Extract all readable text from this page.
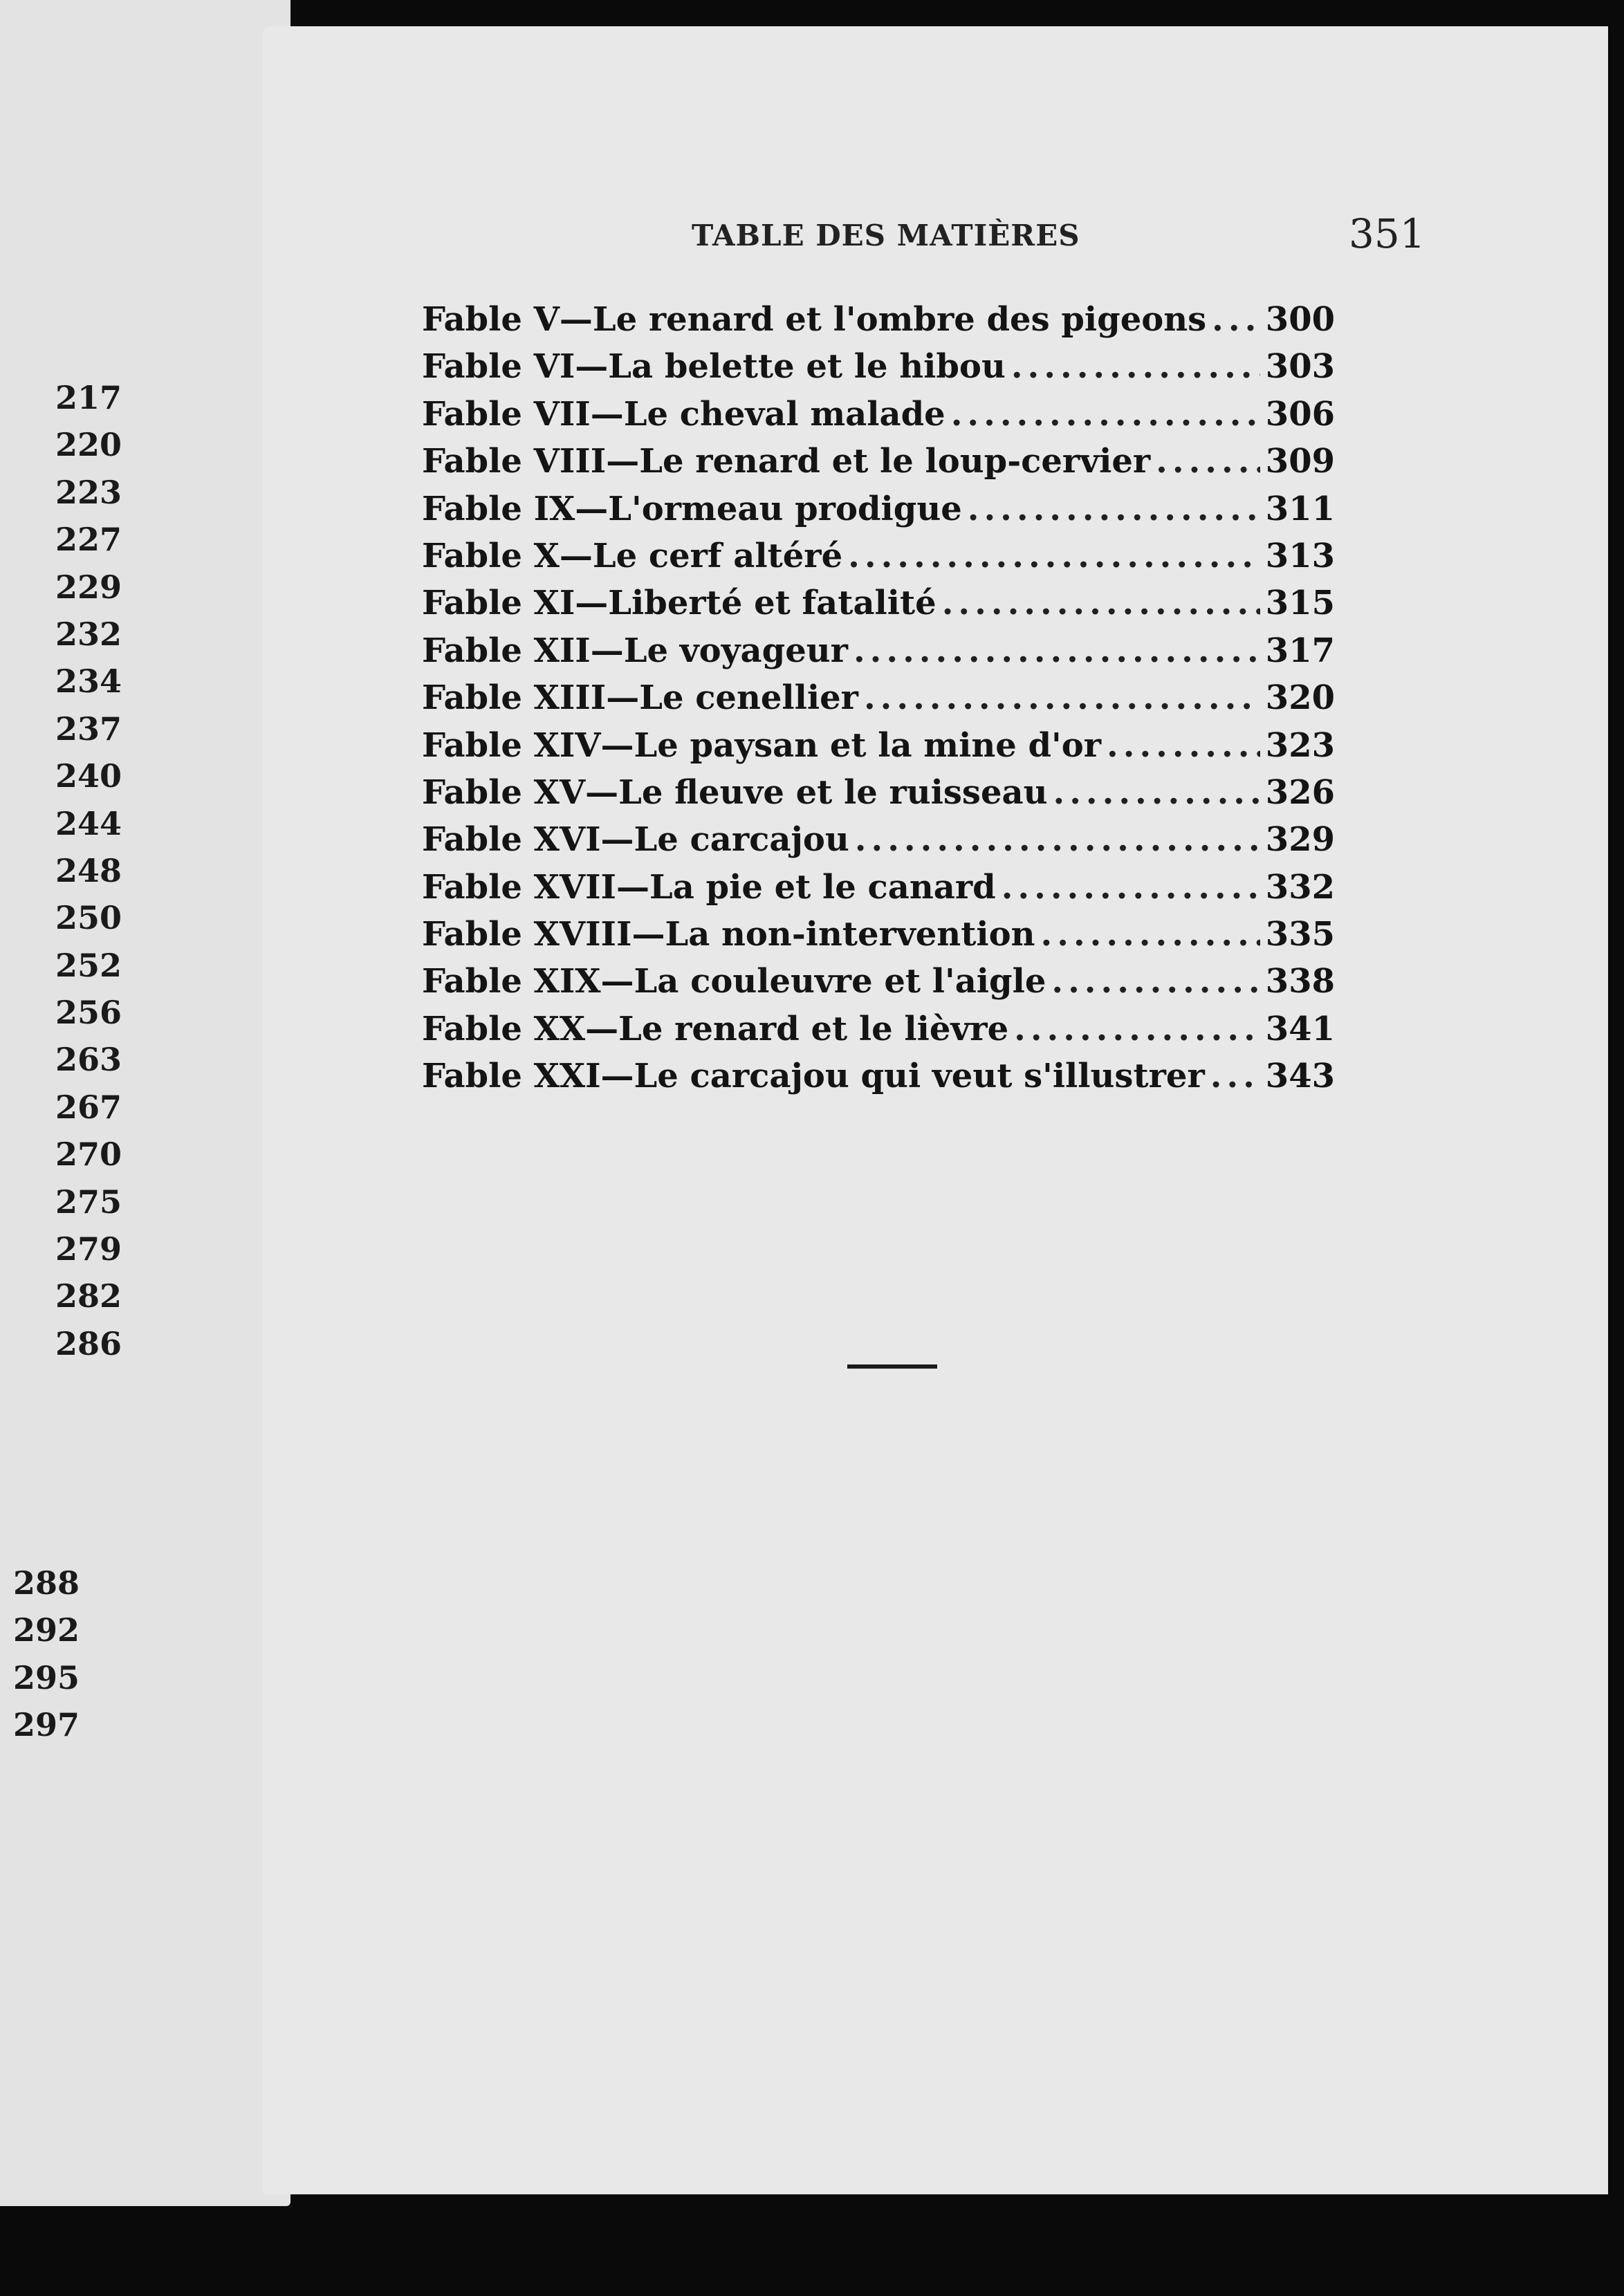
217
220
223
227
229
232
234
237
240
244
248
250
252
256
263
267
270
275
279
282
286
288
292
295
297
TABLE DES MATIÈRES	351
Fable V—Le renard et l'ombre des pigeons ..... 300
Fable VI—La belette et le hibou .....	303
Fable VII—Le cheval malade .....	306
Fable VIII—Le renard et le loup-cervier .....	309
Fable IX—L'ormeau prodigue .....	311
Fable X—Le cerf altéré .....	313
Fable XI—Liberté et fatalité .....	315
Fable XII—Le voyageur .....	317
Fable XIII—Le cenellier .....	320
Fable XIV—Le paysan et la mine d'or .....	323
Fable XV—Le fleuve et le ruisseau .....	326
Fable XVI—Le carcajou .....	329
Fable XVII—La pie et le canard .....	332
Fable XVIII—La non-intervention .....	335
Fable XIX—La couleuvre et l'aigle .....	338
Fable XX—Le renard et le lièvre .....	341
Fable XXI—Le carcajou qui veut s'illustrer ..... 343
